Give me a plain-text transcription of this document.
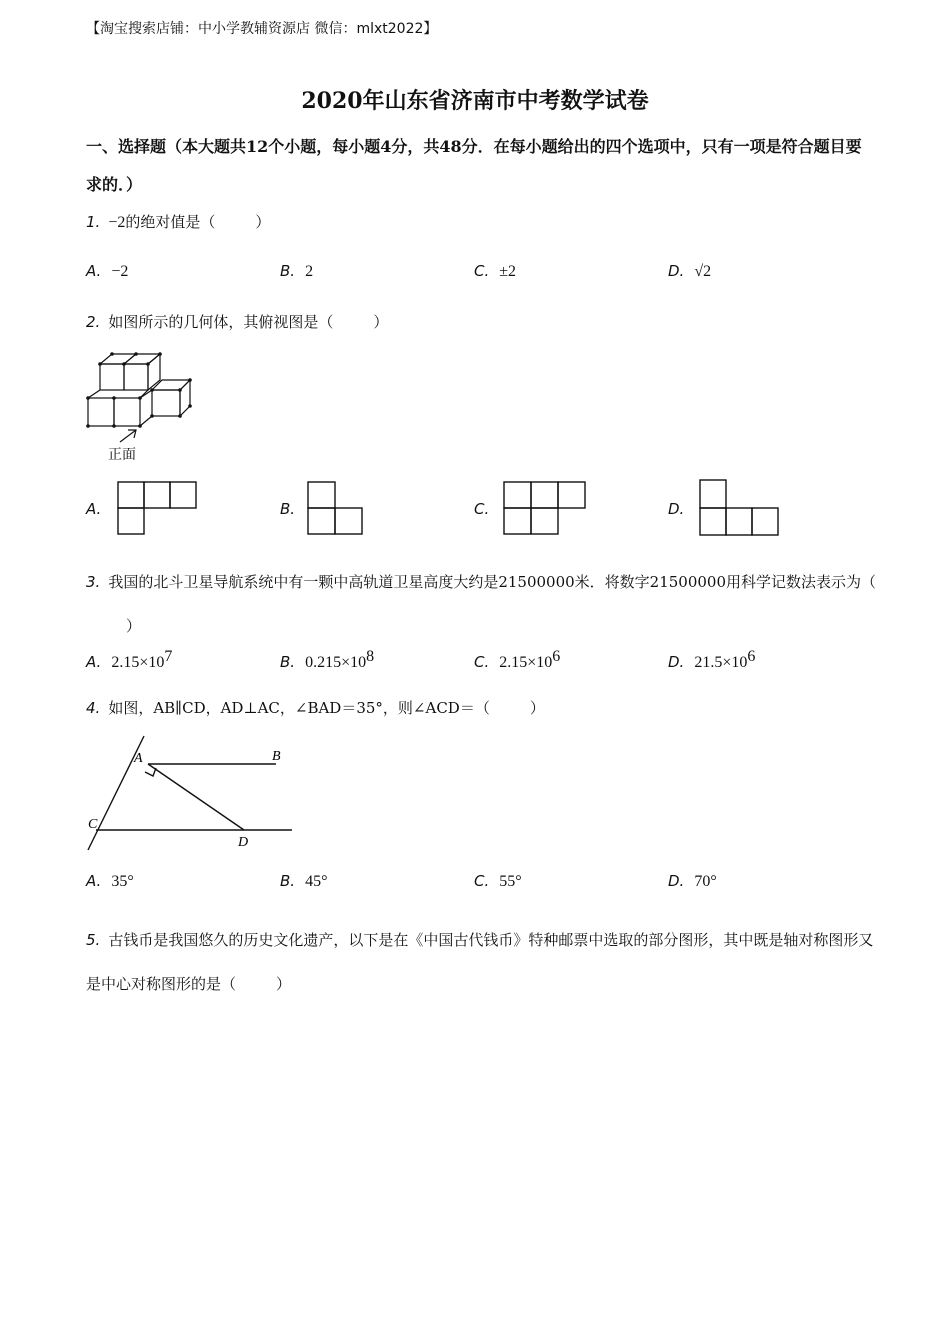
【淘宝搜索店铺：中小学教辅资源店 微信：mlxt2022】
2020年山东省济南市中考数学试卷
一、选择题（本大题共12个小题，每小题4分，共48分．在每小题给出的四个选项中，只有一项是符合题目要求的．）
1. −2的绝对值是（	）
A. −2	B. 2	C. ±2	D. √2
2. 如图所示的几何体，其俯视图是（	）
正面
A.	B.	C.	D.
3. 我国的北斗卫星导航系统中有一颗中高轨道卫星高度大约是21500000米．将数字21500000用科学记数法表示为（）
A. $2.15\times 10^7$	B. $0.215\times 10^8$	C. $2.15\times 10^6$	D. $21.5\times 10^6$
4. 如图，AB∥CD，AD⊥AC，∠BAD＝35°，则∠ACD＝（	）
A	B
C
D
A. 35°	B. 45°	C. 55°	D. 70°
5. 古钱币是我国悠久的历史文化遗产，以下是在《中国古代钱币》特种邮票中选取的部分图形，其中既是轴对称图形又是中心对称图形的是（	）
